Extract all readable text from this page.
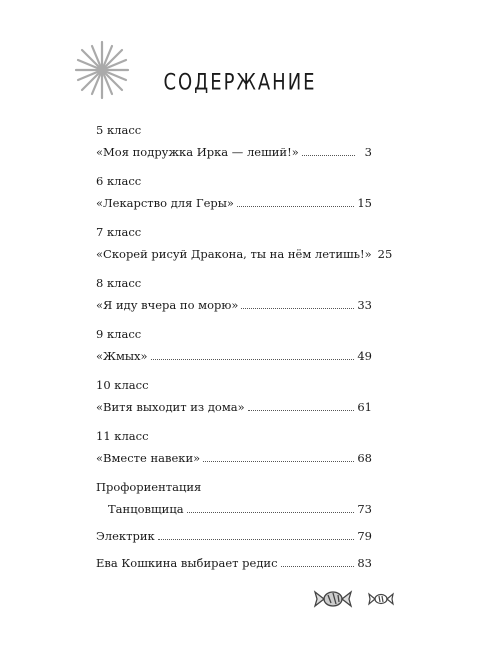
СОДЕРЖАНИЕ
5 класс
«Моя подружка Ирка — леший!»	3
6 класс
«Лекарство для Геры»	15
7 класс
«Скорей рисуй Дракона, ты на нём летишь!» 25
8 класс
«Я иду вчера по морю»	33
9 класс
«Жмых»	49
10 класс
«Витя выходит из дома»	61
11 класс
«Вместе навеки»	68
Профориентация
Танцовщица	73
Электрик	79
Ева Кошкина выбирает редис	83
